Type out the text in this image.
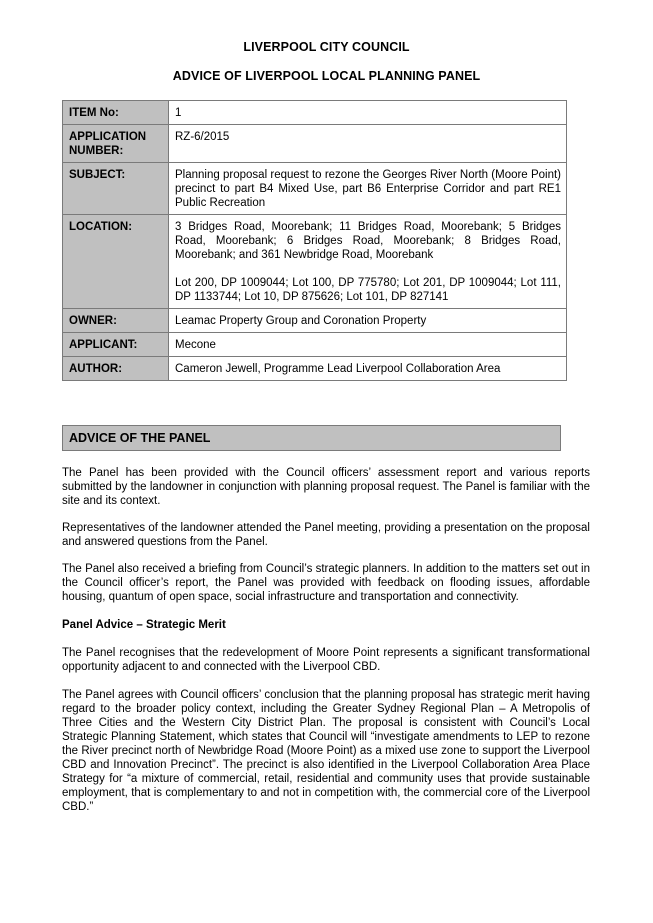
LIVERPOOL CITY COUNCIL
ADVICE OF LIVERPOOL LOCAL PLANNING PANEL
ITEM No:	1
APPLICATION NUMBER:	RZ-6/2015
SUBJECT:	Planning proposal request to rezone the Georges River North (Moore Point) precinct to part B4 Mixed Use, part B6 Enterprise Corridor and part RE1 Public Recreation
LOCATION:	3 Bridges Road, Moorebank; 11 Bridges Road, Moorebank; 5 Bridges Road, Moorebank; 6 Bridges Road, Moorebank; 8 Bridges Road, Moorebank; and 361 Newbridge Road, Moorebank
Lot 200, DP 1009044; Lot 100, DP 775780; Lot 201, DP 1009044; Lot 111, DP 1133744; Lot 10, DP 875626; Lot 101, DP 827141

OWNER:	Leamac Property Group and Coronation Property
APPLICANT:	Mecone
AUTHOR:	Cameron Jewell, Programme Lead Liverpool Collaboration Area
ADVICE OF THE PANEL

The Panel has been provided with the Council officers’ assessment report and various reports submitted by the landowner in conjunction with planning proposal request. The Panel is familiar with the site and its context.

Representatives of the landowner attended the Panel meeting, providing a presentation on the proposal and answered questions from the Panel.

The Panel also received a briefing from Council’s strategic planners. In addition to the matters set out in the Council officer’s report, the Panel was provided with feedback on flooding issues, affordable housing, quantum of open space, social infrastructure and transportation and connectivity.

Panel Advice – Strategic Merit

The Panel recognises that the redevelopment of Moore Point represents a significant transformational opportunity adjacent to and connected with the Liverpool CBD.

The Panel agrees with Council officers’ conclusion that the planning proposal has strategic merit having regard to the broader policy context, including the Greater Sydney Regional Plan – A Metropolis of Three Cities and the Western City District Plan. The proposal is consistent with Council’s Local Strategic Planning Statement, which states that Council will “investigate amendments to LEP to rezone the River precinct north of Newbridge Road (Moore Point) as a mixed use zone to support the Liverpool CBD and Innovation Precinct”. The precinct is also identified in the Liverpool Collaboration Area Place Strategy for “a mixture of commercial, retail, residential and community uses that provide sustainable employment, that is complementary to and not in competition with, the commercial core of the Liverpool CBD.”
